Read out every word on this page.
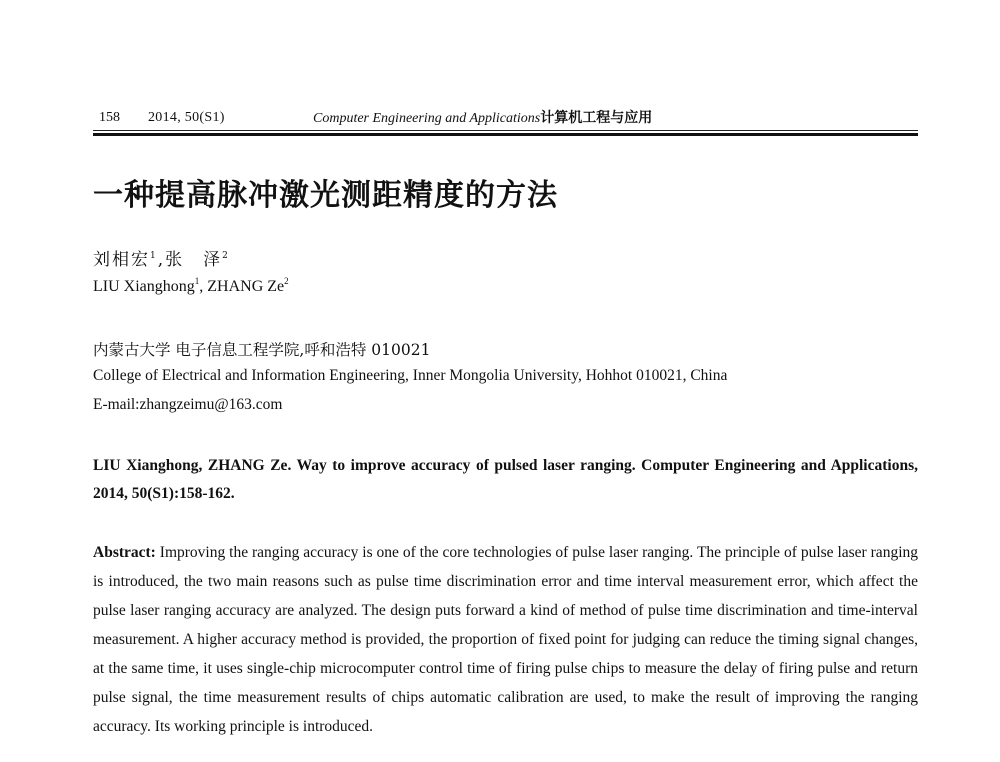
158 2014, 50(S1)	Computer Engineering and Applications计算机工程与应用
一种提高脉冲激光测距精度的方法
刘相宏$^1$,张　泽$^2$
LIU Xianghong$^1$, ZHANG Ze$^2$
内蒙古大学 电子信息工程学院,呼和浩特 010021
College of Electrical and Information Engineering, Inner Mongolia University, Hohhot 010021, China
E-mail:zhangzeimu@163.com
LIU Xianghong, ZHANG Ze. Way to improve accuracy of pulsed laser ranging. Computer Engineering and Applications, 2014, 50(S1):158-162.
Abstract: Improving the ranging accuracy is one of the core technologies of pulse laser ranging. The principle of pulse laser ranging is introduced, the two main reasons such as pulse time discrimination error and time interval measurement error, which affect the pulse laser ranging accuracy are analyzed. The design puts forward a kind of method of pulse time discrimination and time-interval measurement. A higher accuracy method is provided, the proportion of fixed point for judging can reduce the timing signal changes, at the same time, it uses single-chip microcomputer control time of firing pulse chips to measure the delay of firing pulse and return pulse signal, the time measurement results of chips automatic calibration are used, to make the result of improving the ranging accuracy. Its working principle is introduced.
